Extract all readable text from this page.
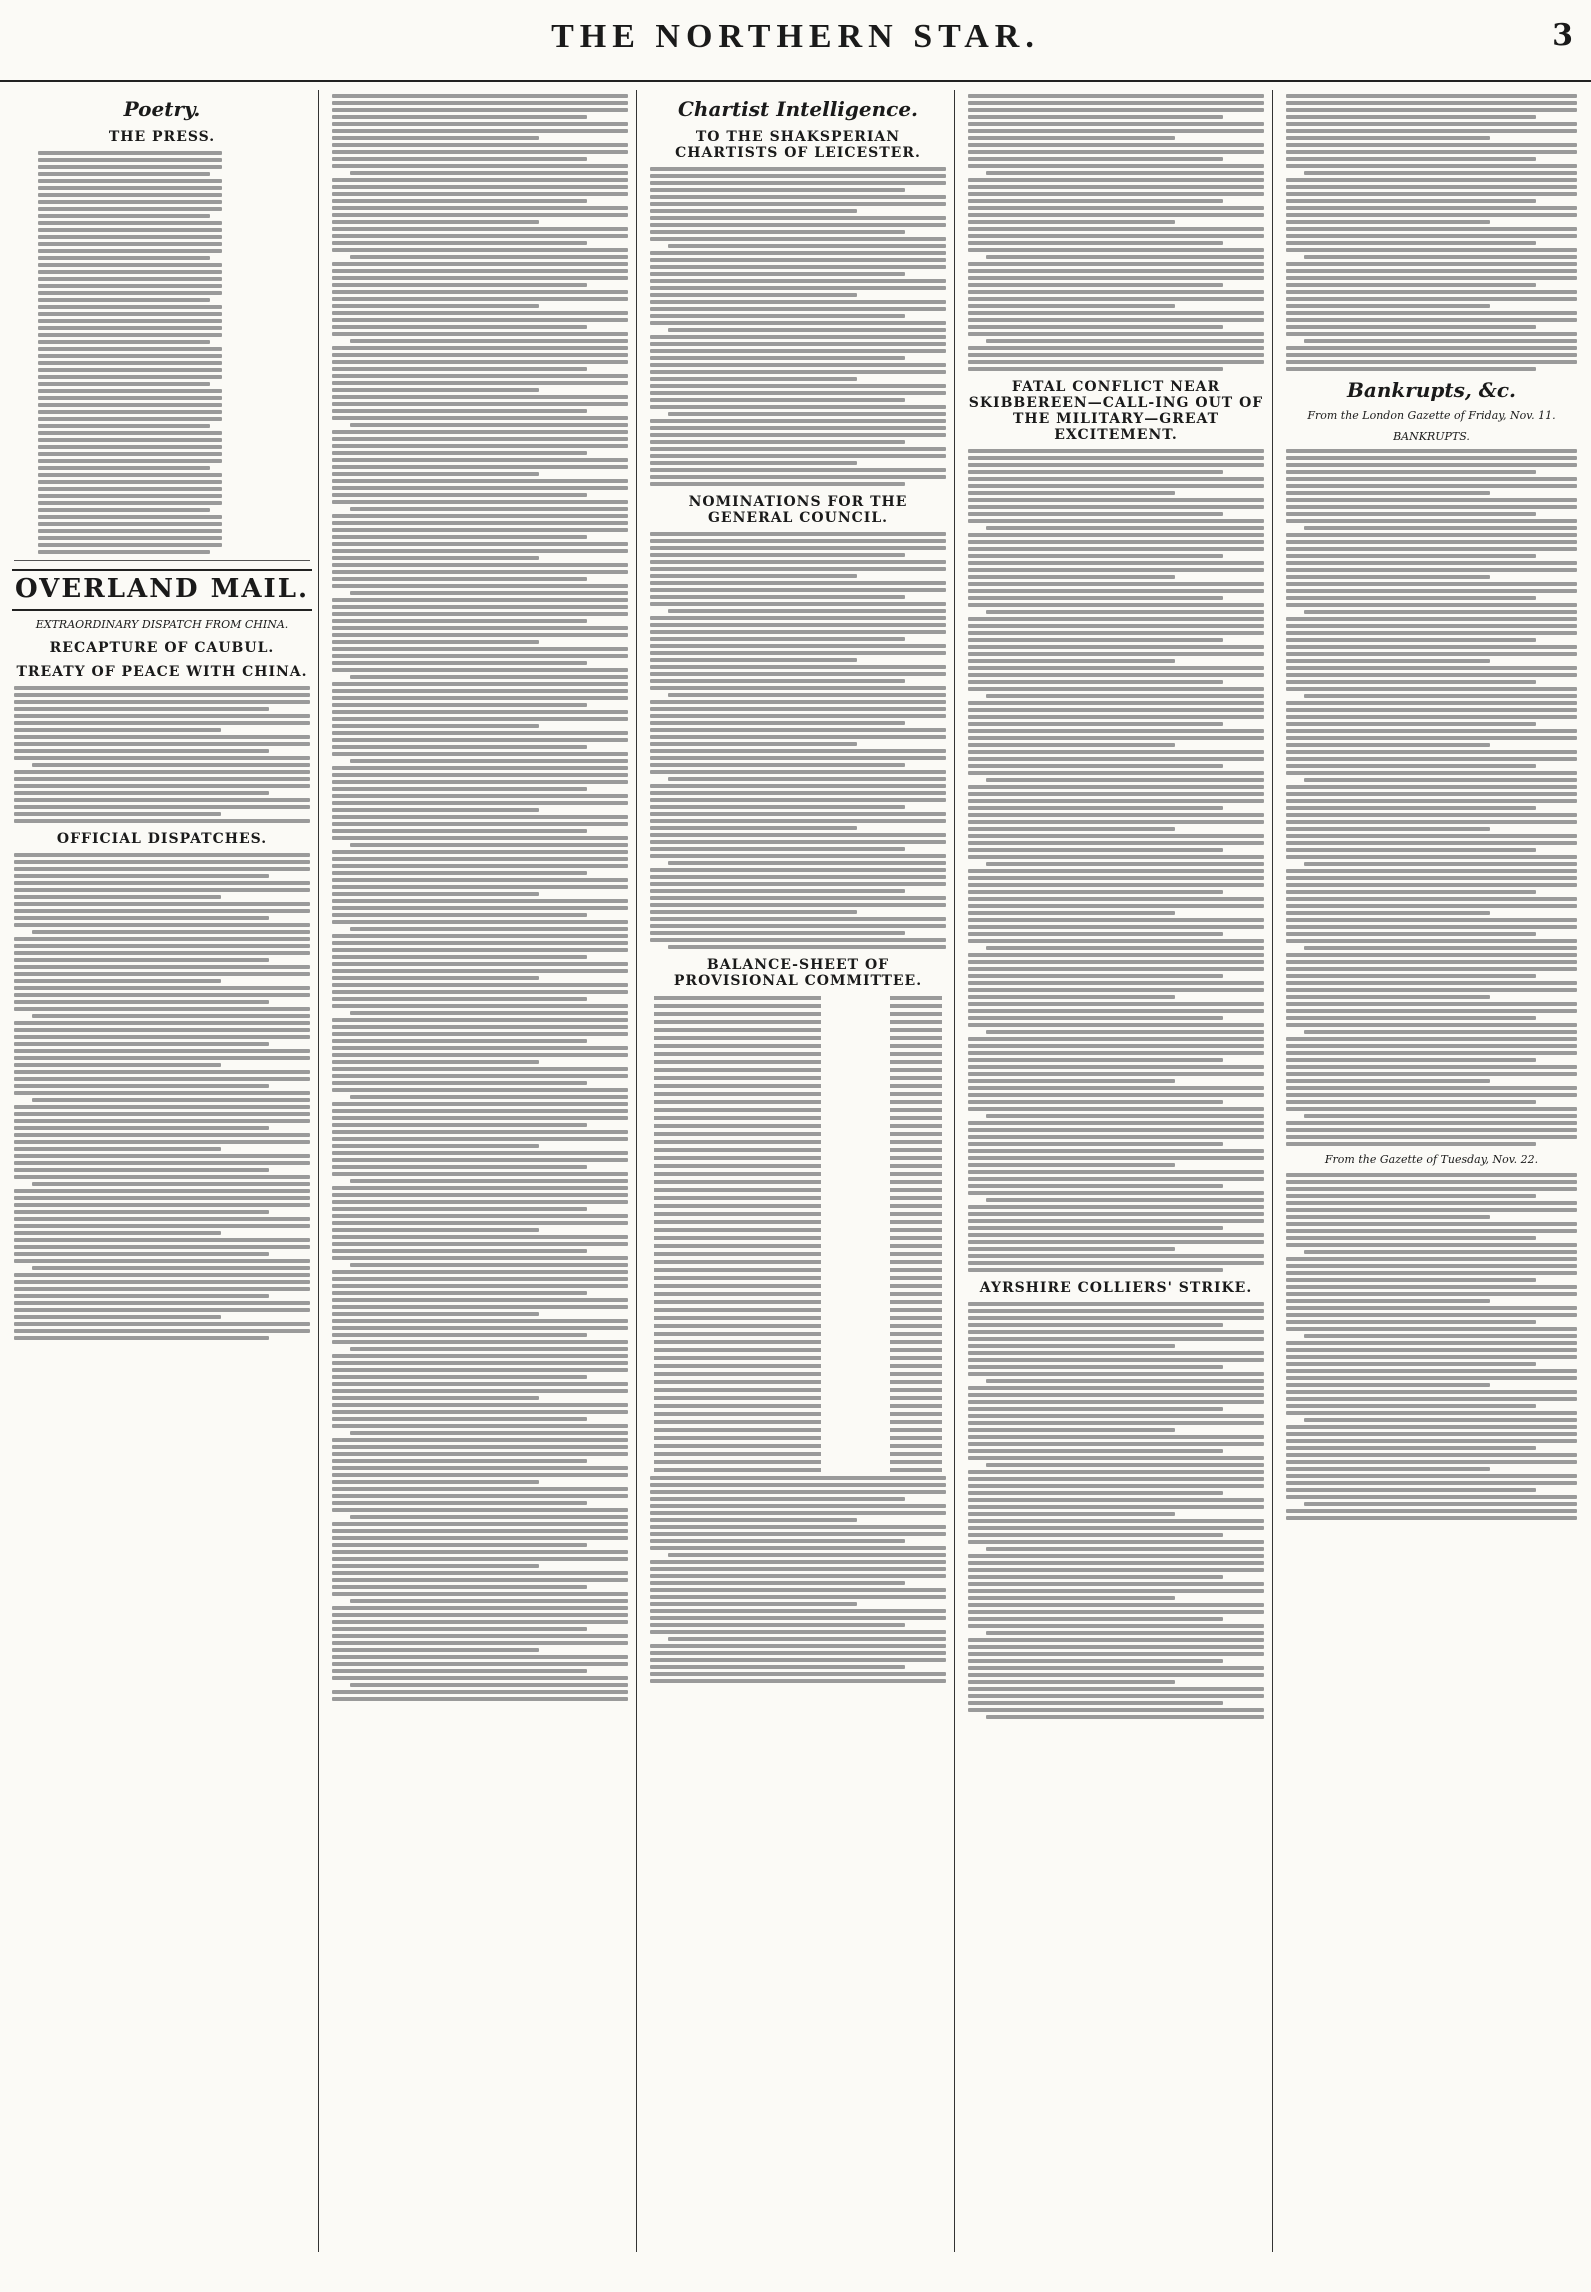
THE NORTHERN STAR.	3
Poetry.
THE PRESS.
OVERLAND MAIL.
EXTRAORDINARY DISPATCH FROM CHINA.
RECAPTURE OF CAUBUL.
TREATY OF PEACE WITH CHINA.
OFFICIAL DISPATCHES.
Chartist Intelligence.
TO THE SHAKSPERIAN CHARTISTS OF LEICESTER.
NOMINATIONS FOR THE GENERAL COUNCIL.
BALANCE-SHEET OF PROVISIONAL COMMITTEE.
FATAL CONFLICT NEAR SKIBBEREEN—CALL-ING OUT OF THE MILITARY—GREAT EXCITEMENT.
AYRSHIRE COLLIERS' STRIKE.
Bankrupts, &c.
From the London Gazette of Friday, Nov. 11.
BANKRUPTS.
From the Gazette of Tuesday, Nov. 22.
